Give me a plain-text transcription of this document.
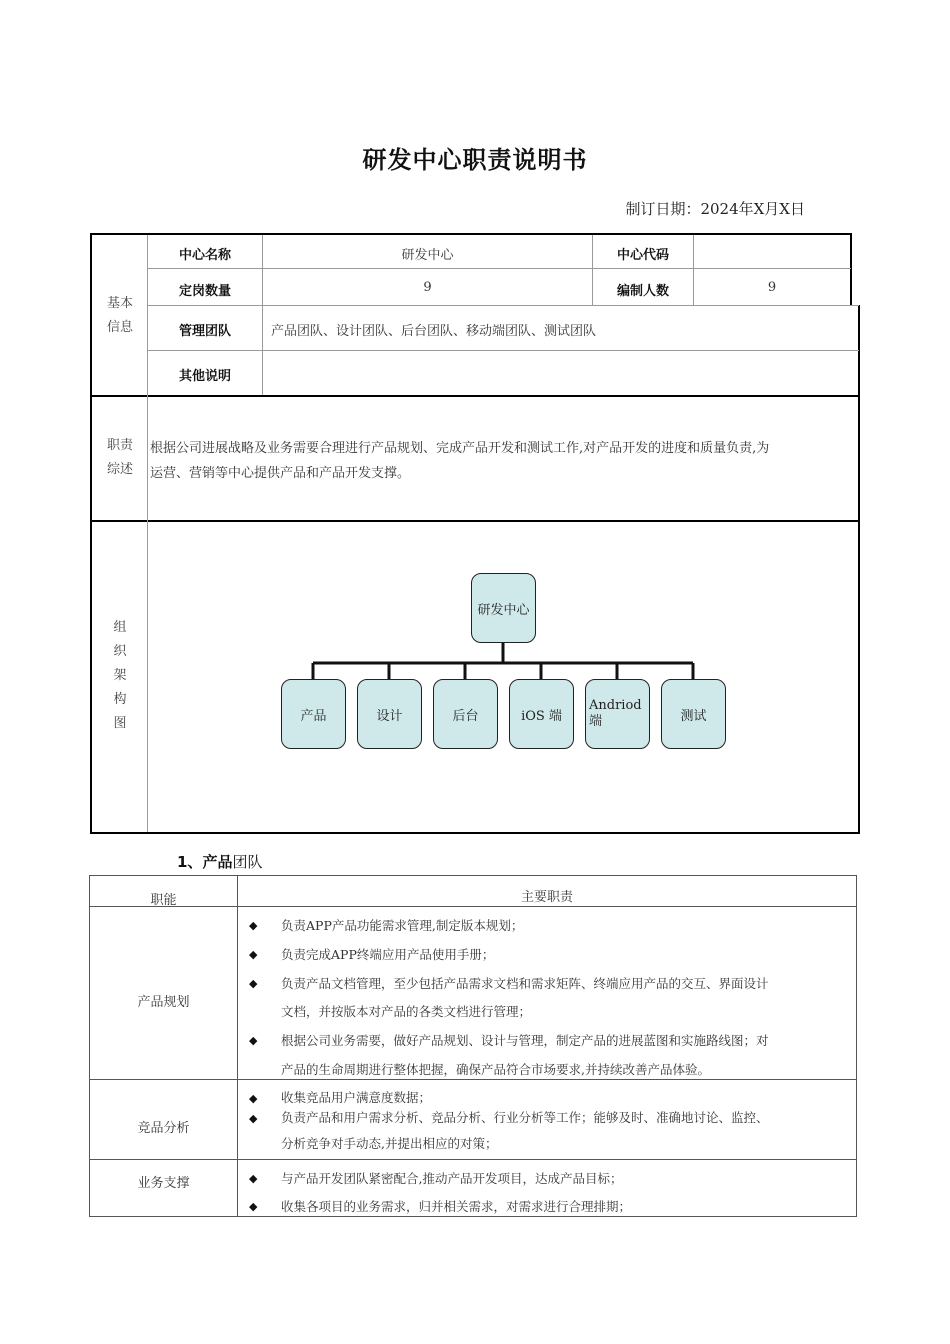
研发中心职责说明书
制订日期：2024年X月X日
基本
信息
中心名称	研发中心	中心代码
定岗数量	9	编制人数	9
管理团队	产品团队、设计团队、后台团队、移动端团队、测试团队
其他说明
职责
综述
根据公司进展战略及业务需要合理进行产品规划、完成产品开发和测试工作,对产品开发的进度和质量负责,为
运营、营销等中心提供产品和产品开发支撑。
组
织
架
构
图
研发中心
产品	设计	后台	iOS 端
Andriod 端	测试
1、产品团队
职能	主要职责
产品规划
◆ 负责APP产品功能需求管理,制定版本规划；
◆ 负责完成APP终端应用产品使用手册；
◆ 负责产品文档管理，至少包括产品需求文档和需求矩阵、终端应用产品的交互、界面设计
文档，并按版本对产品的各类文档进行管理；
◆ 根据公司业务需要，做好产品规划、设计与管理，制定产品的进展蓝图和实施路线图；对
产品的生命周期进行整体把握，确保产品符合市场要求,并持续改善产品体验。
竞品分析
◆ 收集竞品用户满意度数据；
◆ 负责产品和用户需求分析、竞品分析、行业分析等工作；能够及时、准确地讨论、监控、
分析竞争对手动态,并提出相应的对策；
业务支撑	◆ 与产品开发团队紧密配合,推动产品开发项目，达成产品目标；
◆ 收集各项目的业务需求，归并相关需求，对需求进行合理排期；
